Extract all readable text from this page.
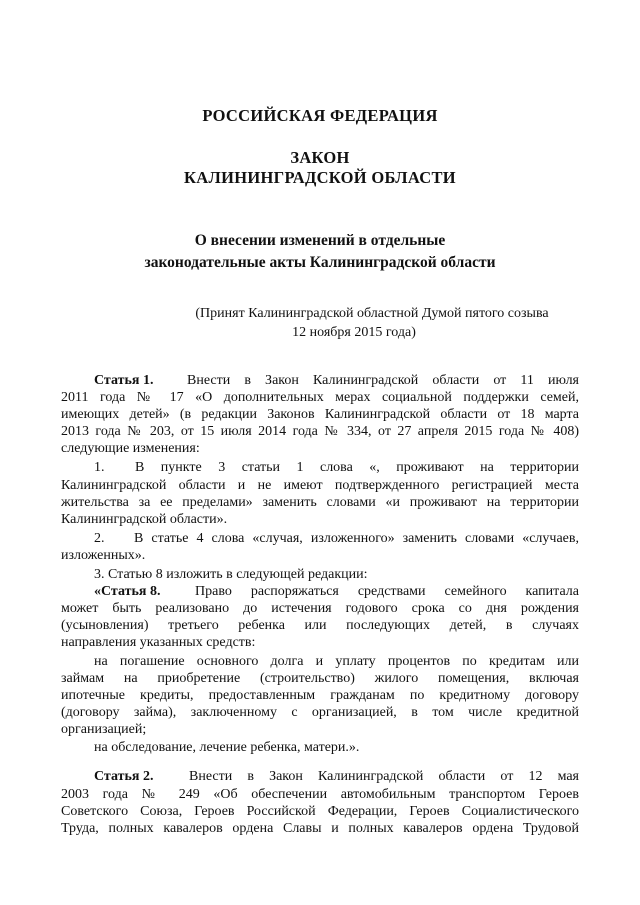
РОССИЙСКАЯ ФЕДЕРАЦИЯ
ЗАКОН
КАЛИНИНГРАДСКОЙ ОБЛАСТИ
О внесении изменений в отдельные
законодательные акты Калининградской области
(Принят Калининградской областной Думой пятого созыва
12 ноября 2015 года)
Статья 1. Внести в Закон Калининградской области от 11 июля
2011 года № 17 «О дополнительных мерах социальной поддержки семей,
имеющих детей» (в редакции Законов Калининградской области от 18 марта
2013 года № 203, от 15 июля 2014 года № 334, от 27 апреля 2015 года № 408)
следующие изменения:
1. В пункте 3 статьи 1 слова «, проживают на территории
Калининградской области и не имеют подтвержденного регистрацией места
жительства за ее пределами» заменить словами «и проживают на территории
Калининградской области».
2. В статье 4 слова «случая, изложенного» заменить словами «случаев,
изложенных».
3. Статью 8 изложить в следующей редакции:
«Статья 8. Право распоряжаться средствами семейного капитала
может быть реализовано до истечения годового срока со дня рождения
(усыновления) третьего ребенка или последующих детей, в случаях
направления указанных средств:
на погашение основного долга и уплату процентов по кредитам или
займам на приобретение (строительство) жилого помещения, включая
ипотечные кредиты, предоставленным гражданам по кредитному договору
(договору займа), заключенному с организацией, в том числе кредитной
организацией;
на обследование, лечение ребенка, матери.».
Статья 2.	Внести в Закон Калининградской области от 12 мая
2003 года № 249 «Об обеспечении автомобильным транспортом Героев
Советского Союза, Героев Российской Федерации, Героев Социалистического
Труда, полных кавалеров ордена Славы и полных кавалеров ордена Трудовой
